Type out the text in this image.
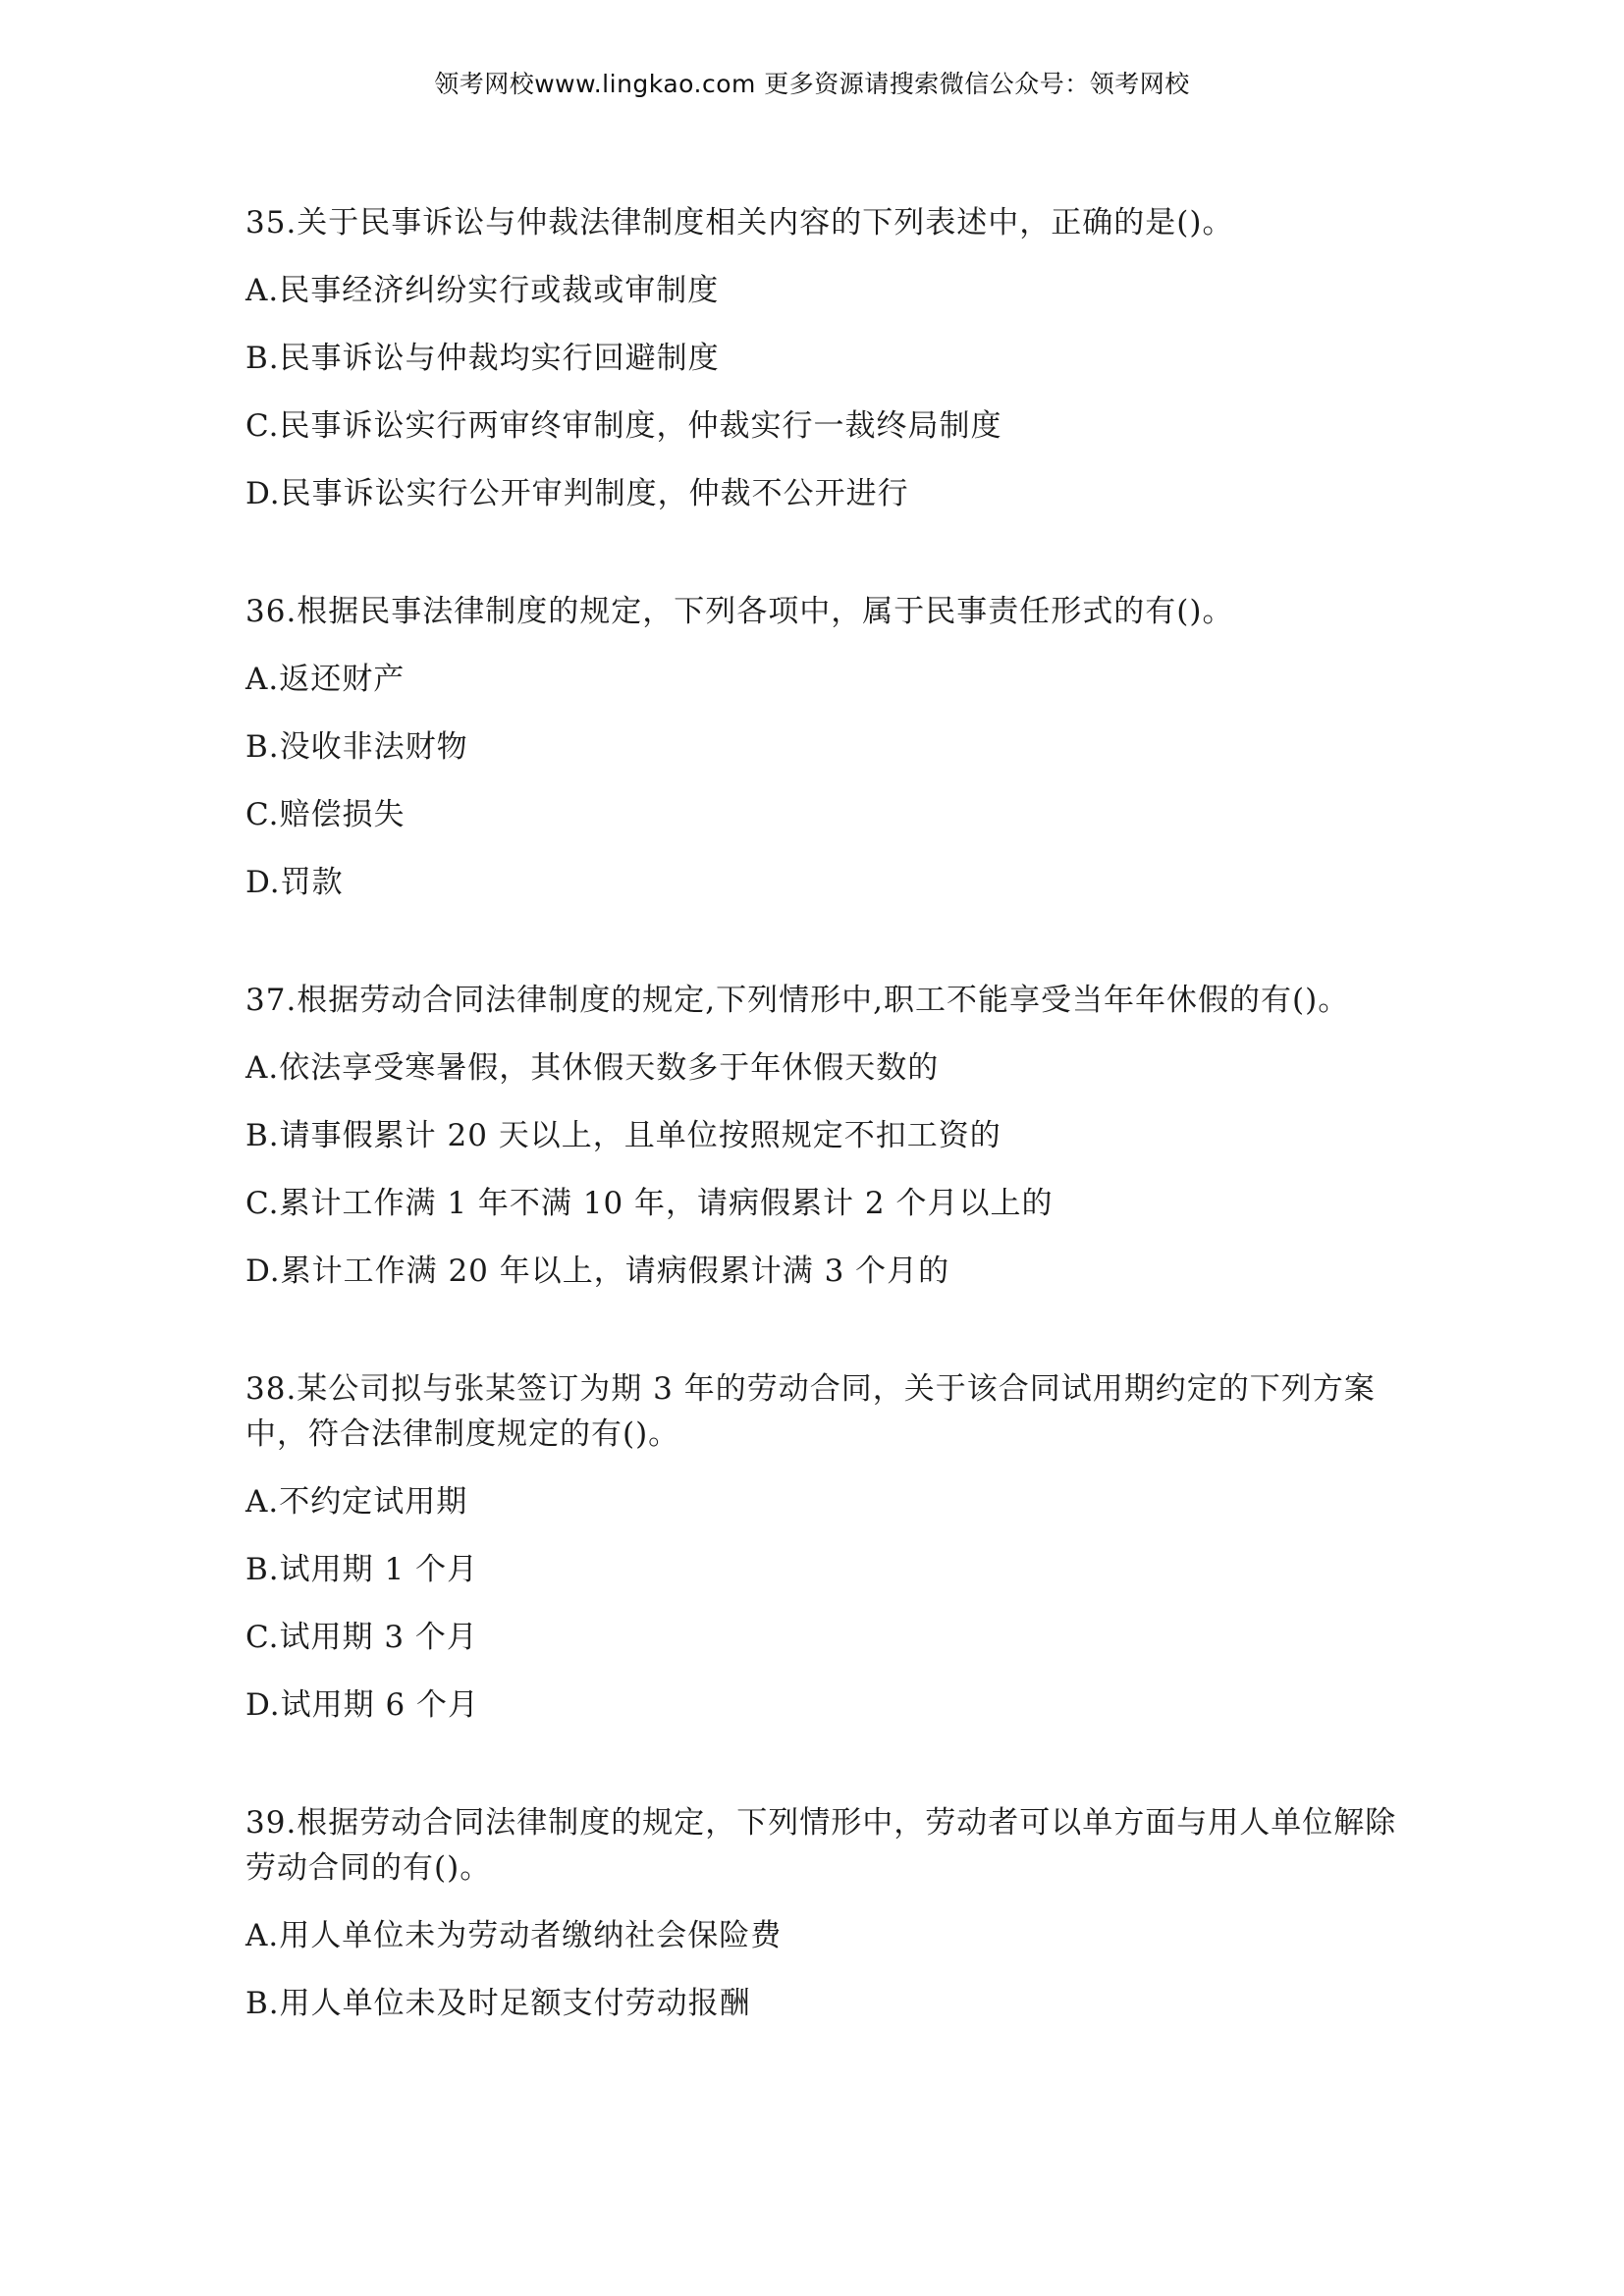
领考网校www.lingkao.com 更多资源请搜索微信公众号：领考网校

35.关于民事诉讼与仲裁法律制度相关内容的下列表述中，正确的是()。

A.民事经济纠纷实行或裁或审制度

B.民事诉讼与仲裁均实行回避制度

C.民事诉讼实行两审终审制度，仲裁实行一裁终局制度

D.民事诉讼实行公开审判制度，仲裁不公开进行

36.根据民事法律制度的规定，下列各项中，属于民事责任形式的有()。

A.返还财产

B.没收非法财物

C.赔偿损失

D.罚款

37.根据劳动合同法律制度的规定,下列情形中,职工不能享受当年年休假的有()。

A.依法享受寒暑假，其休假天数多于年休假天数的

B.请事假累计 20 天以上，且单位按照规定不扣工资的

C.累计工作满 1 年不满 10 年，请病假累计 2 个月以上的

D.累计工作满 20 年以上，请病假累计满 3 个月的

38.某公司拟与张某签订为期 3 年的劳动合同，关于该合同试用期约定的下列方案中，符合法律制度规定的有()。

A.不约定试用期

B.试用期 1 个月

C.试用期 3 个月

D.试用期 6 个月

39.根据劳动合同法律制度的规定，下列情形中，劳动者可以单方面与用人单位解除劳动合同的有()。

A.用人单位未为劳动者缴纳社会保险费

B.用人单位未及时足额支付劳动报酬
